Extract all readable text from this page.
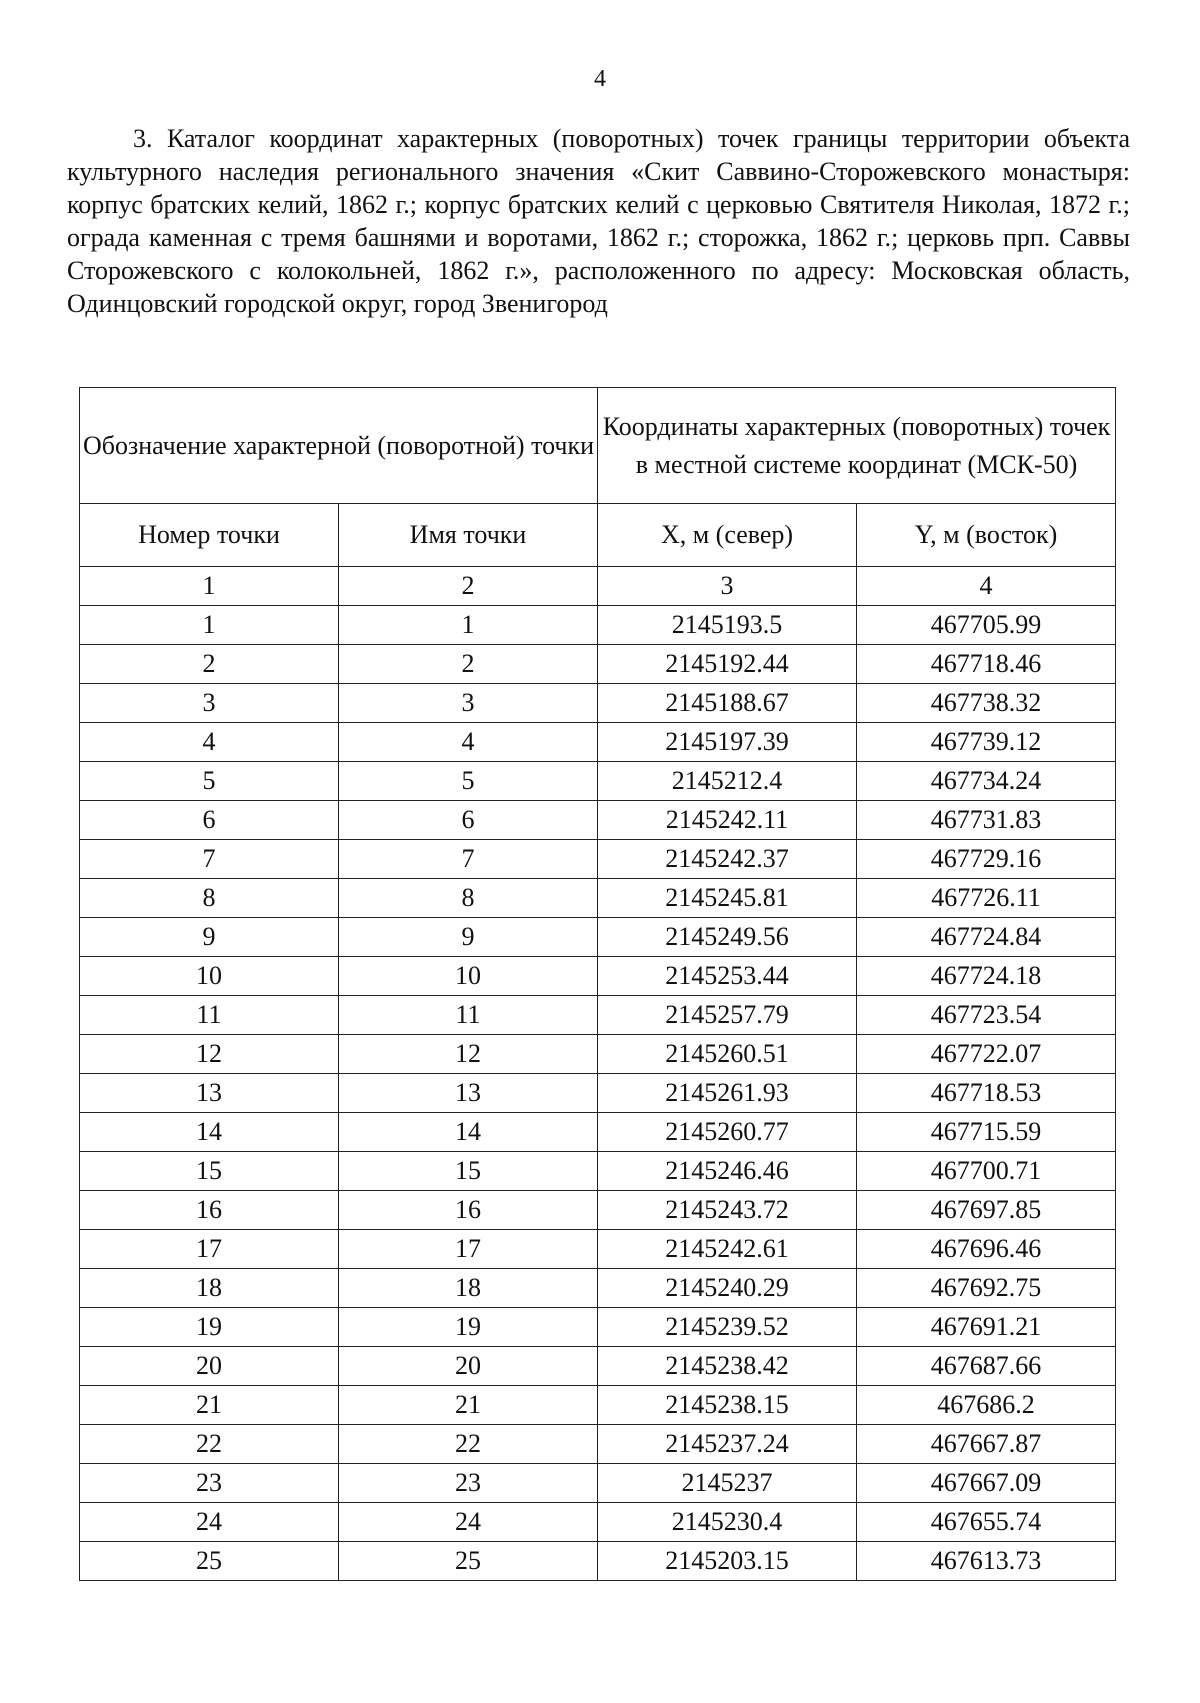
4

3. Каталог координат характерных (поворотных) точек границы территории объекта культурного наследия регионального значения «Скит Саввино-Сторожевского монастыря: корпус братских келий, 1862 г.; корпус братских келий с церковью Святителя Николая, 1872 г.; ограда каменная с тремя башнями и воротами, 1862 г.; сторожка, 1862 г.; церковь прп. Саввы Сторожевского с колокольней, 1862 г.», расположенного по адресу: Московская область, Одинцовский городской округ, город Звенигород

Обозначение характерной (поворотной) точки		Координаты характерных (поворотных) точек в местной системе координат (МСК-50)	
Номер точки	Имя точки	X, м (север)	Y, м (восток)
1	2	3	4
1	1	2145193.5	467705.99
2	2	2145192.44	467718.46
3	3	2145188.67	467738.32
4	4	2145197.39	467739.12
5	5	2145212.4	467734.24
6	6	2145242.11	467731.83
7	7	2145242.37	467729.16
8	8	2145245.81	467726.11
9	9	2145249.56	467724.84
10	10	2145253.44	467724.18
11	11	2145257.79	467723.54
12	12	2145260.51	467722.07
13	13	2145261.93	467718.53
14	14	2145260.77	467715.59
15	15	2145246.46	467700.71
16	16	2145243.72	467697.85
17	17	2145242.61	467696.46
18	18	2145240.29	467692.75
19	19	2145239.52	467691.21
20	20	2145238.42	467687.66
21	21	2145238.15	467686.2
22	22	2145237.24	467667.87
23	23	2145237	467667.09
24	24	2145230.4	467655.74
25	25	2145203.15	467613.73
